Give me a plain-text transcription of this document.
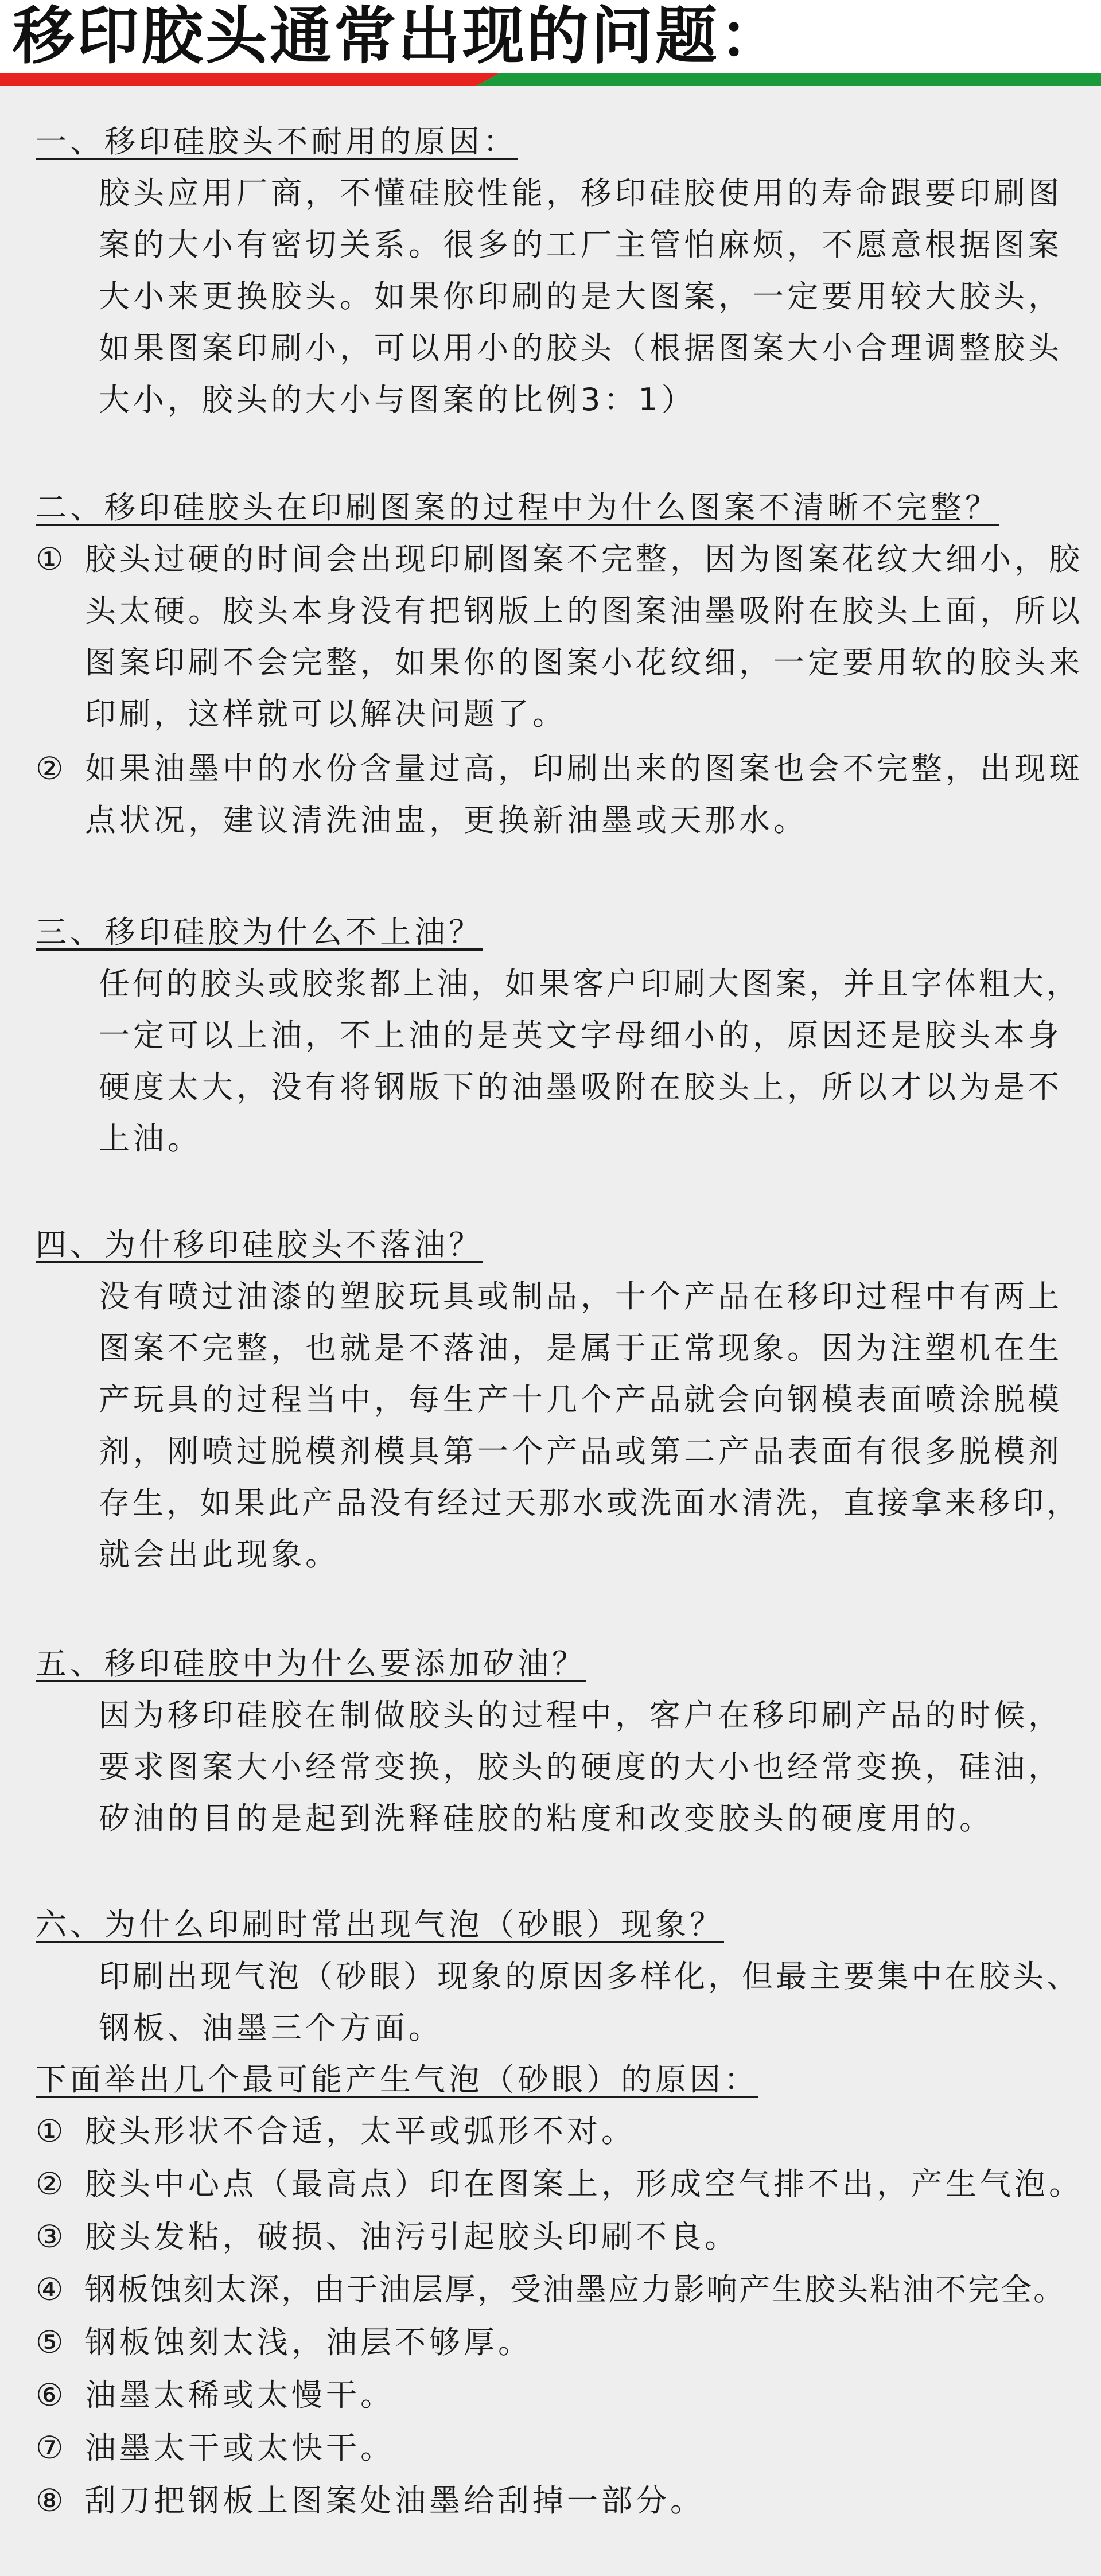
移印胶头通常出现的问题：
一、移印硅胶头不耐用的原因：
胶头应用厂商，不懂硅胶性能，移印硅胶使用的寿命跟要印刷图
案的大小有密切关系。很多的工厂主管怕麻烦，不愿意根据图案
大小来更换胶头。如果你印刷的是大图案，一定要用较大胶头，
如果图案印刷小，可以用小的胶头（根据图案大小合理调整胶头
大小，胶头的大小与图案的比例3：1）
二、移印硅胶头在印刷图案的过程中为什么图案不清晰不完整？
① 胶头过硬的时间会出现印刷图案不完整，因为图案花纹大细小，胶
头太硬。胶头本身没有把钢版上的图案油墨吸附在胶头上面，所以
图案印刷不会完整，如果你的图案小花纹细，一定要用软的胶头来
印刷，这样就可以解决问题了。
② 如果油墨中的水份含量过高，印刷出来的图案也会不完整，出现斑
点状况，建议清洗油盅，更换新油墨或天那水。
三、移印硅胶为什么不上油？
任何的胶头或胶浆都上油，如果客户印刷大图案，并且字体粗大，
一定可以上油，不上油的是英文字母细小的，原因还是胶头本身
硬度太大，没有将钢版下的油墨吸附在胶头上，所以才以为是不
上油。
四、为什移印硅胶头不落油？
没有喷过油漆的塑胶玩具或制品，十个产品在移印过程中有两上
图案不完整，也就是不落油，是属于正常现象。因为注塑机在生
产玩具的过程当中，每生产十几个产品就会向钢模表面喷涂脱模
剂，刚喷过脱模剂模具第一个产品或第二产品表面有很多脱模剂
存生，如果此产品没有经过天那水或洗面水清洗，直接拿来移印，
就会出此现象。
五、移印硅胶中为什么要添加矽油？
因为移印硅胶在制做胶头的过程中，客户在移印刷产品的时候，
要求图案大小经常变换，胶头的硬度的大小也经常变换，硅油，
矽油的目的是起到洗释硅胶的粘度和改变胶头的硬度用的。
六、为什么印刷时常出现气泡（砂眼）现象？
印刷出现气泡（砂眼）现象的原因多样化，但最主要集中在胶头、
钢板、油墨三个方面。
下面举出几个最可能产生气泡（砂眼）的原因：
① 胶头形状不合适，太平或弧形不对。
② 胶头中心点（最高点）印在图案上，形成空气排不出，产生气泡。
③ 胶头发粘，破损、油污引起胶头印刷不良。
④ 钢板蚀刻太深，由于油层厚，受油墨应力影响产生胶头粘油不完全。
⑤ 钢板蚀刻太浅，油层不够厚。
⑥ 油墨太稀或太慢干。
⑦ 油墨太干或太快干。
⑧ 刮刀把钢板上图案处油墨给刮掉一部分。
